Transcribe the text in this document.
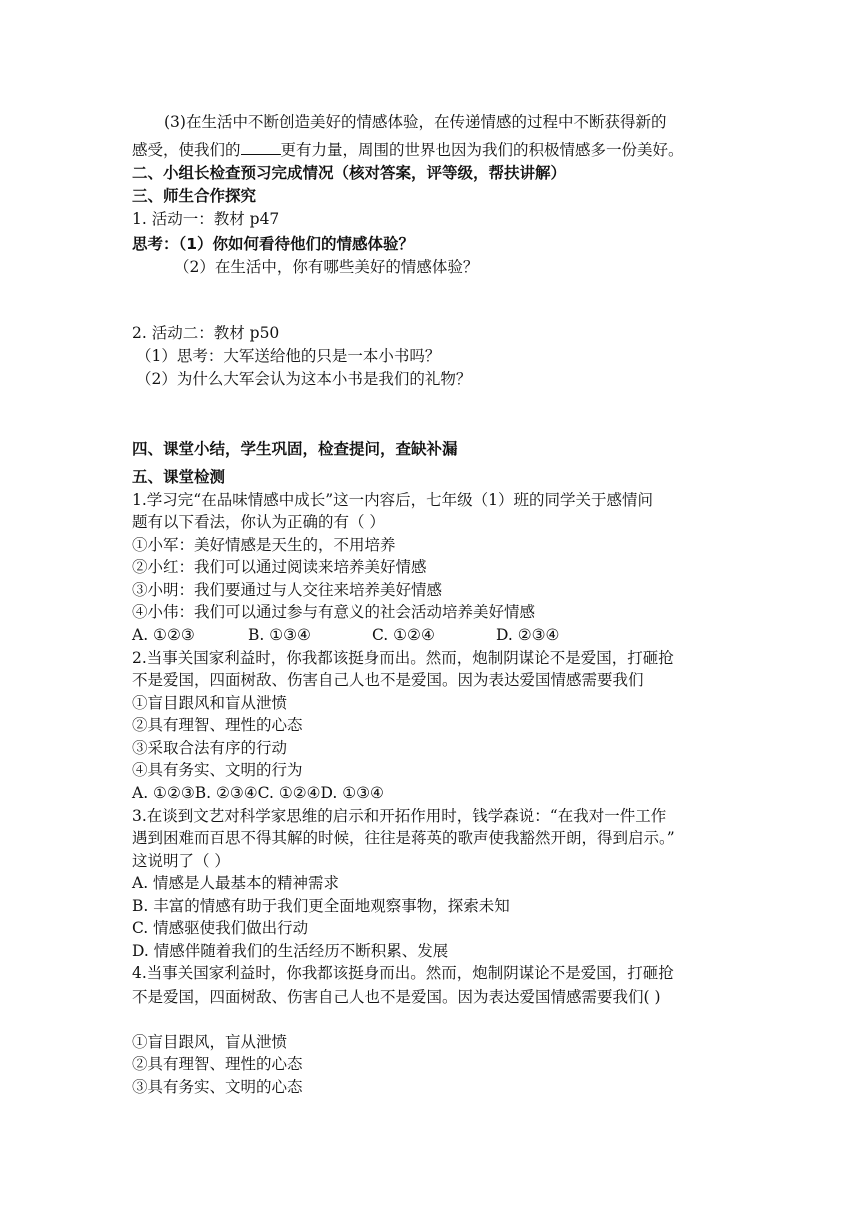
(3)在生活中不断创造美好的情感体验，在传递情感的过程中不断获得新的
感受，使我们的	更有力量，周围的世界也因为我们的积极情感多一份美好。
二、小组长检查预习完成情况（核对答案，评等级，帮扶讲解）
三、师生合作探究
1. 活动一：教材 p47
思考：（1）你如何看待他们的情感体验？
（2）在生活中，你有哪些美好的情感体验？
2. 活动二：教材 p50
（1）思考：大军送给他的只是一本小书吗？
（2）为什么大军会认为这本小书是我们的礼物？
四、课堂小结，学生巩固，检查提问，查缺补漏
五、课堂检测
1.学习完“在品味情感中成长”这一内容后，七年级（1）班的同学关于感情问
题有以下看法，你认为正确的有（ ）
①小军：美好情感是天生的，不用培养
②小红：我们可以通过阅读来培养美好情感
③小明：我们要通过与人交往来培养美好情感
④小伟：我们可以通过参与有意义的社会活动培养美好情感
A. ①②③	B. ①③④	C. ①②④	D. ②③④
2.当事关国家利益时，你我都该挺身而出。然而，炮制阴谋论不是爱国，打砸抢
不是爱国，四面树敌、伤害自己人也不是爱国。因为表达爱国情感需要我们
①盲目跟风和盲从泄愤
②具有理智、理性的心态
③采取合法有序的行动
④具有务实、文明的行为
A. ①②③B. ②③④C. ①②④D. ①③④
3.在谈到文艺对科学家思维的启示和开拓作用时，钱学森说：“在我对一件工作
遇到困难而百思不得其解的时候，往往是蒋英的歌声使我豁然开朗，得到启示。”
这说明了（ ）
A. 情感是人最基本的精神需求
B. 丰富的情感有助于我们更全面地观察事物，探索未知
C. 情感驱使我们做出行动
D. 情感伴随着我们的生活经历不断积累、发展
4.当事关国家利益时，你我都该挺身而出。然而，炮制阴谋论不是爱国，打砸抢
不是爱国，四面树敌、伤害自己人也不是爱国。因为表达爱国情感需要我们( )
①盲目跟风，盲从泄愤
②具有理智、理性的心态
③具有务实、文明的心态
